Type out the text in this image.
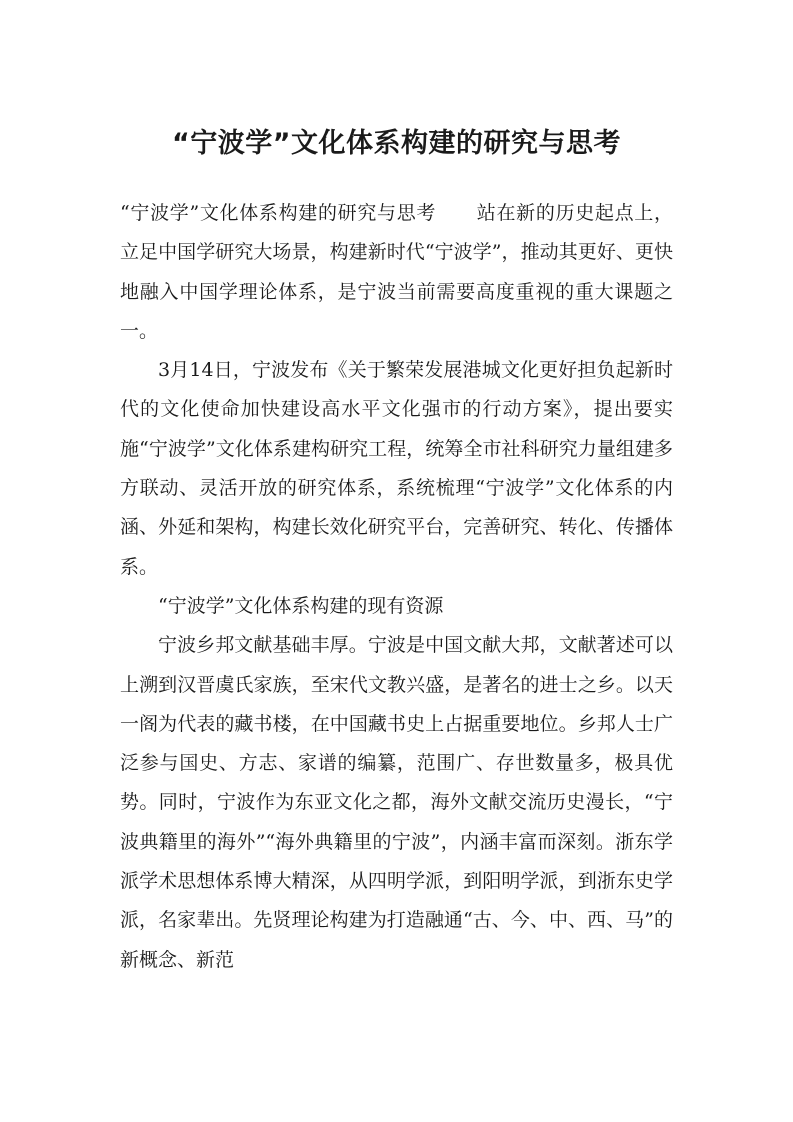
“宁波学”文化体系构建的研究与思考

“宁波学”文化体系构建的研究与思考 站在新的历史起点上，立足中国学研究大场景，构建新时代“宁波学”，推动其更好、更快地融入中国学理论体系，是宁波当前需要高度重视的重大课题之一。

3月14日，宁波发布《关于繁荣发展港城文化更好担负起新时代的文化使命加快建设高水平文化强市的行动方案》，提出要实施“宁波学”文化体系建构研究工程，统筹全市社科研究力量组建多方联动、灵活开放的研究体系，系统梳理“宁波学”文化体系的内涵、外延和架构，构建长效化研究平台，完善研究、转化、传播体系。

“宁波学”文化体系构建的现有资源

宁波乡邦文献基础丰厚。宁波是中国文献大邦，文献著述可以上溯到汉晋虞氏家族，至宋代文教兴盛，是著名的进士之乡。以天一阁为代表的藏书楼，在中国藏书史上占据重要地位。乡邦人士广泛参与国史、方志、家谱的编纂，范围广、存世数量多，极具优势。同时，宁波作为东亚文化之都，海外文献交流历史漫长，“宁波典籍里的海外”“海外典籍里的宁波”，内涵丰富而深刻。浙东学派学术思想体系博大精深，从四明学派，到阳明学派，到浙东史学派，名家辈出。先贤理论构建为打造融通“古、今、中、西、马”的新概念、新范
